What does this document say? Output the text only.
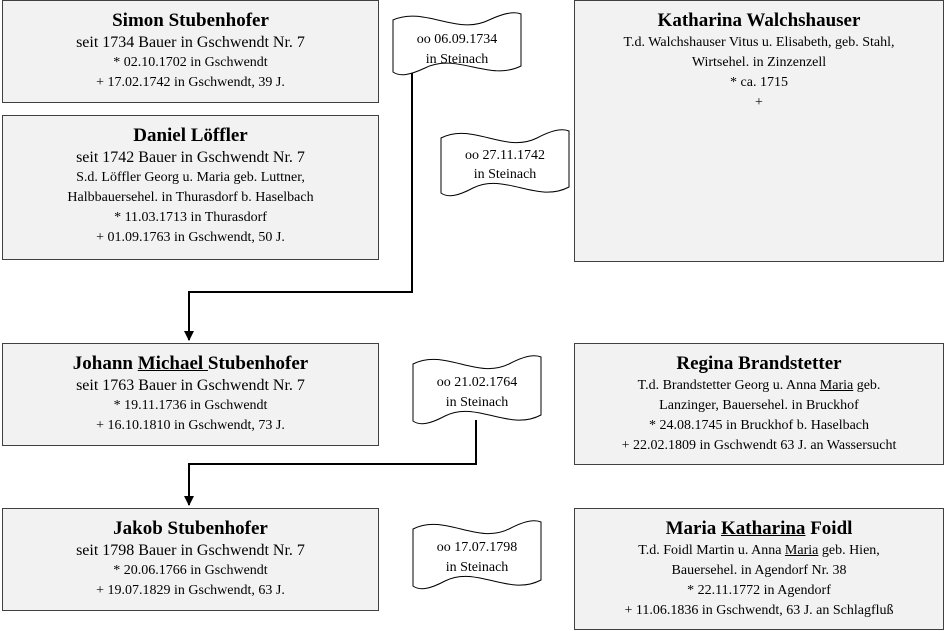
Simon Stubenhofer
seit 1734 Bauer in Gschwendt Nr. 7
* 02.10.1702 in Gschwendt
+ 17.02.1742 in Gschwendt, 39 J.
Daniel Löffler
seit 1742 Bauer in Gschwendt Nr. 7
S.d. Löffler Georg u. Maria geb. Luttner,
Halbbauersehel. in Thurasdorf b. Haselbach
* 11.03.1713 in Thurasdorf
+ 01.09.1763 in Gschwendt, 50 J.
Katharina Walchshauser
T.d. Walchshauser Vitus u. Elisabeth, geb. Stahl,
Wirtsehel. in Zinzenzell
* ca. 1715
+
Johann Michael Stubenhofer
seit 1763 Bauer in Gschwendt Nr. 7
* 19.11.1736 in Gschwendt
+ 16.10.1810 in Gschwendt, 73 J.
Regina Brandstetter
T.d. Brandstetter Georg u. Anna Maria geb.
Lanzinger, Bauersehel. in Bruckhof
* 24.08.1745 in Bruckhof b. Haselbach
+ 22.02.1809 in Gschwendt 63 J. an Wassersucht
Jakob Stubenhofer
seit 1798 Bauer in Gschwendt Nr. 7
* 20.06.1766 in Gschwendt
+ 19.07.1829 in Gschwendt, 63 J.
Maria Katharina Foidl
T.d. Foidl Martin u. Anna Maria geb. Hien,
Bauersehel. in Agendorf Nr. 38
* 22.11.1772 in Agendorf
+ 11.06.1836 in Gschwendt, 63 J. an Schlagfluß
oo 06.09.1734
in Steinach
oo 27.11.1742
in Steinach
oo 21.02.1764
in Steinach
oo 17.07.1798
in Steinach
